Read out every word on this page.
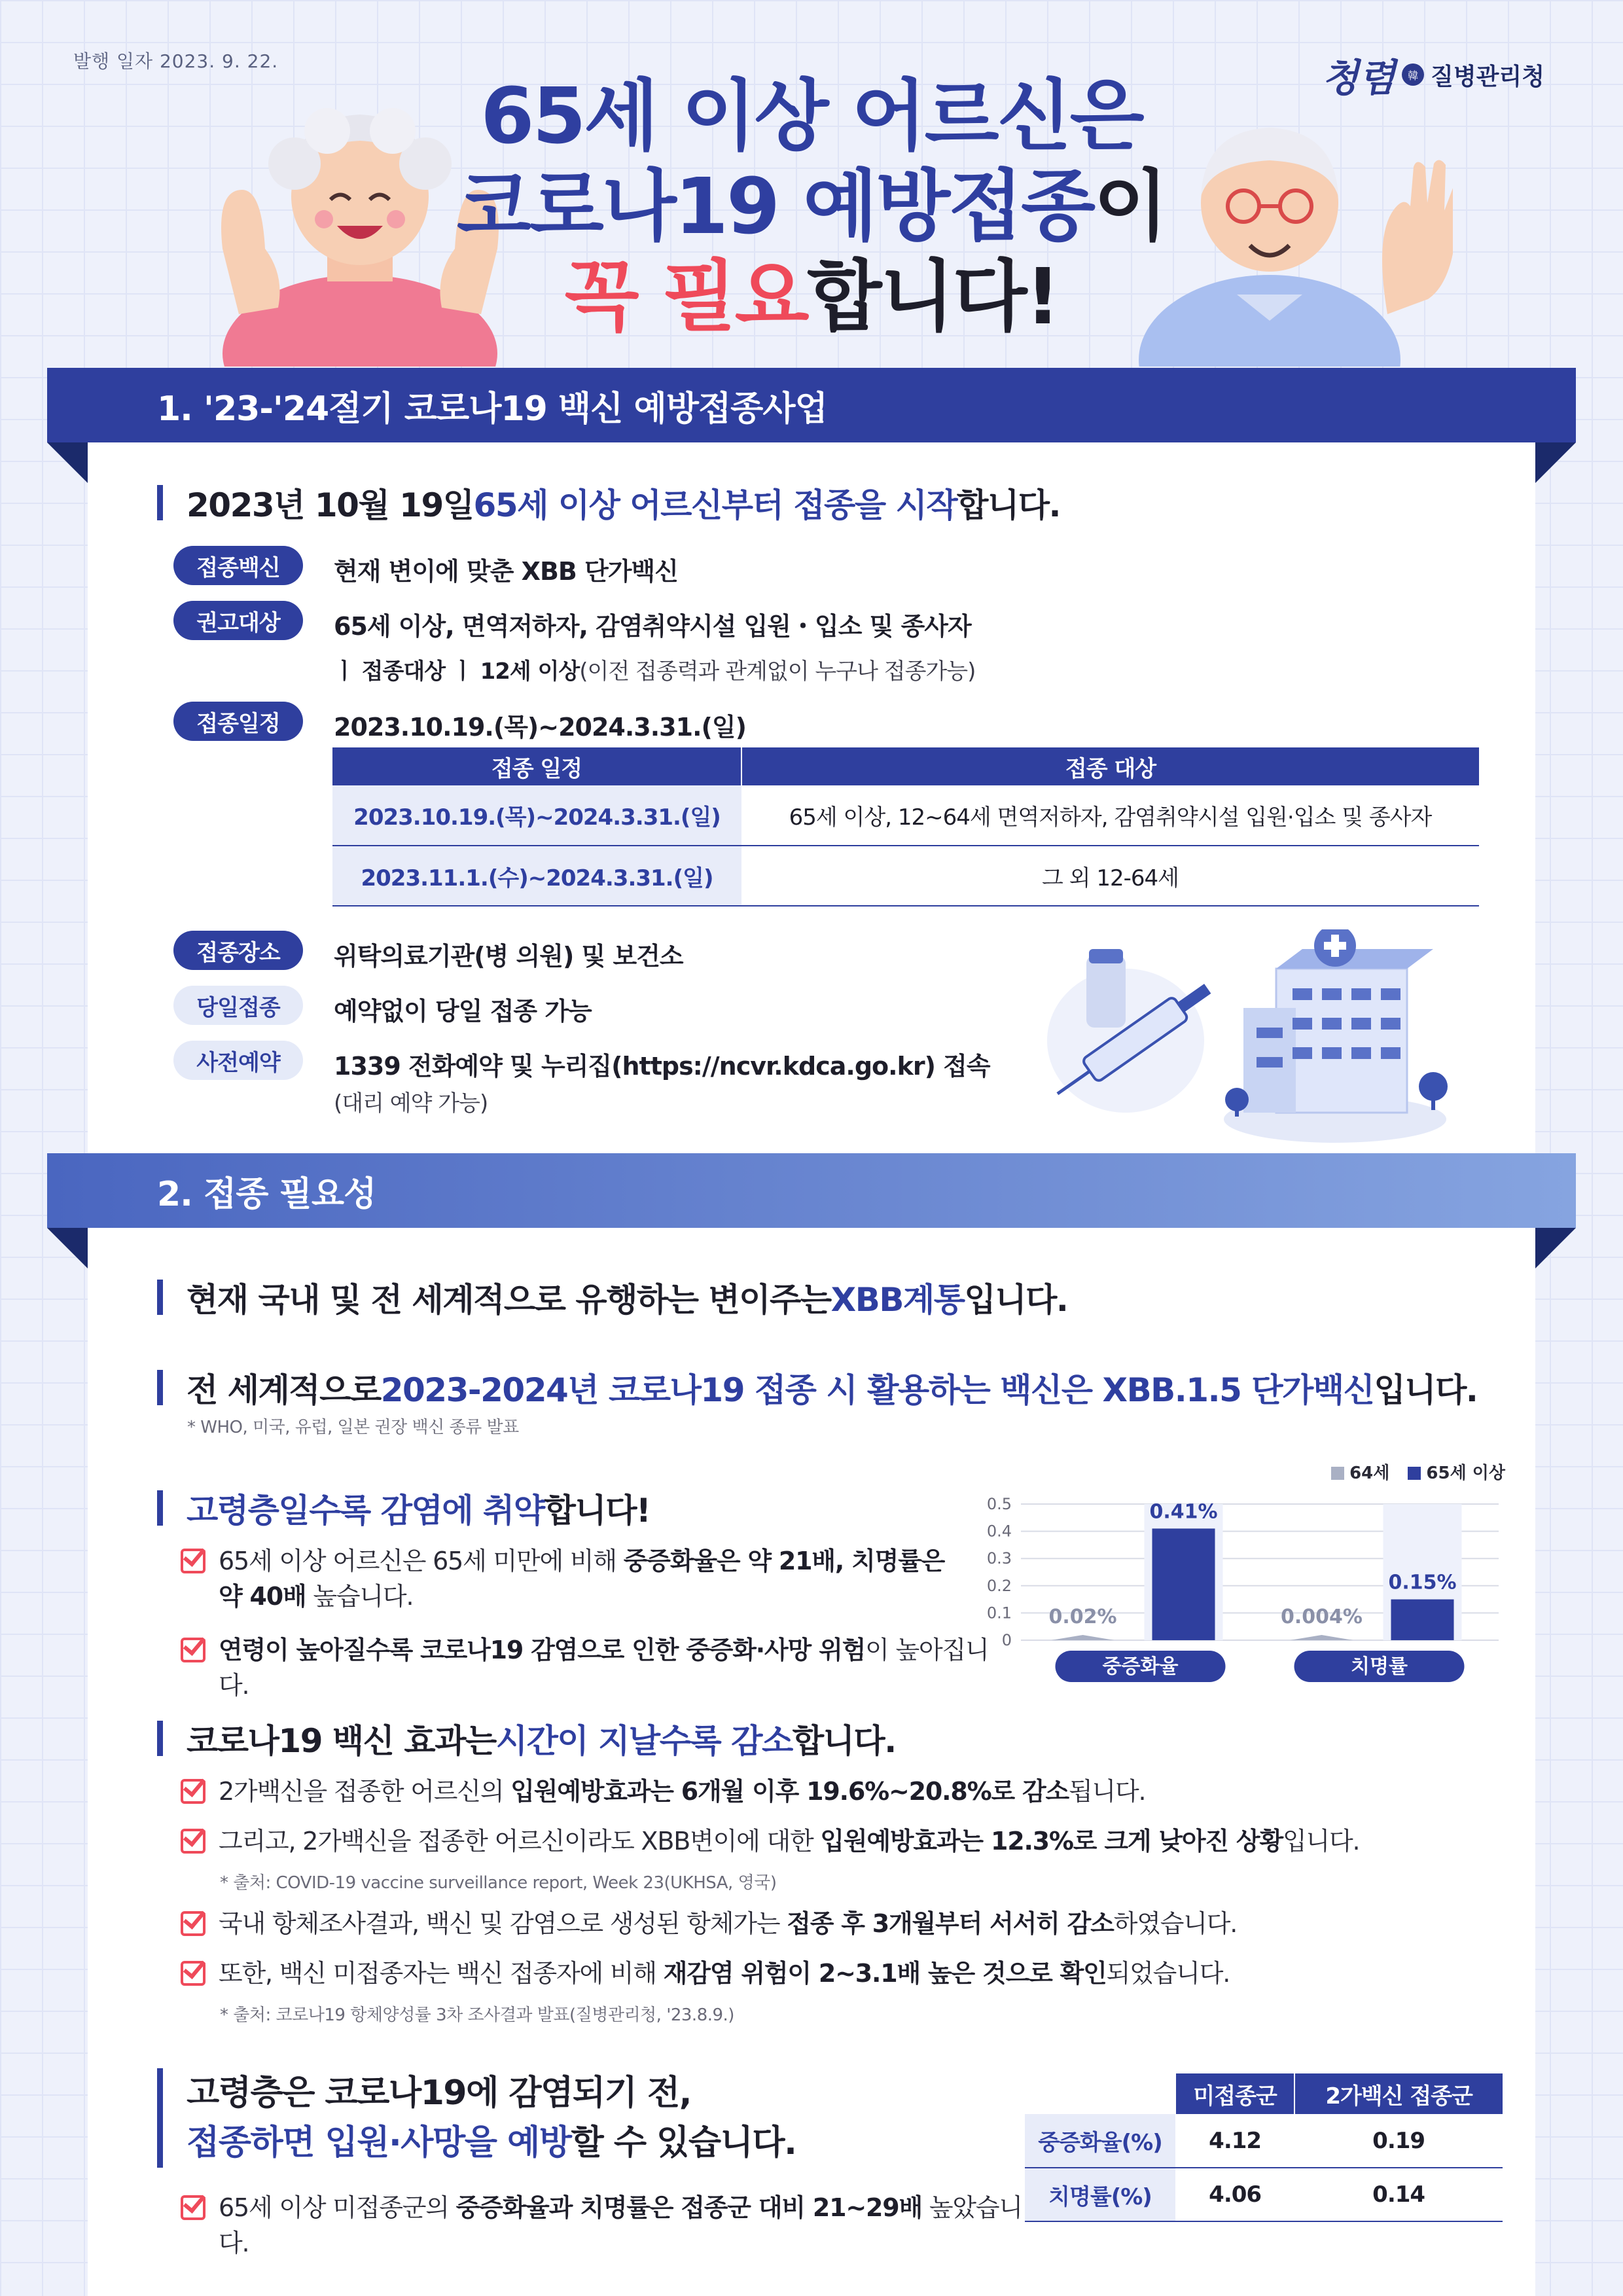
발행 일자 2023. 9. 22.	청렴	韓 질병관리청
65세 이상 어르신은
코로나19 예방접종이
꼭 필요합니다!
1. '23-'24절기 코로나19 백신 예방접종사업
2023년 10월 19일 65세 이상 어르신부터 접종을 시작 합니다.
접종백신	현재 변이에 맞춘 XBB 단가백신
권고대상	65세 이상, 면역저하자, 감염취약시설 입원・입소 및 종사자
ㅣ 접종대상 ㅣ 12세 이상(이전 접종력과 관계없이 누구나 접종가능)
접종일정	2023.10.19.(목)~2024.3.31.(일)
접종 일정	접종 대상
2023.10.19.(목)~2024.3.31.(일)	65세 이상, 12~64세 면역저하자, 감염취약시설 입원·입소 및 종사자
2023.11.1.(수)~2024.3.31.(일)	그 외 12-64세
접종장소	위탁의료기관(병 의원) 및 보건소
당일접종	예약없이 당일 접종 가능
사전예약	1339 전화예약 및 누리집(https://ncvr.kdca.go.kr) 접속
(대리 예약 가능)
2. 접종 필요성
현재 국내 및 전 세계적으로 유행하는 변이주는 XBB계통 입니다.
전 세계적으로 2023-2024년 코로나19 접종 시 활용하는 백신은 XBB.1.5 단가백신 입니다.
* WHO, 미국, 유럽, 일본 권장 백신 종류 발표
고령층일수록 감염에 취약 합니다!
65세 이상 어르신은 65세 미만에 비해 중증화율은 약 21배, 치명률은
약 40배 높습니다.
연령이 높아질수록 코로나19 감염으로 인한 중증화·사망 위험이 높아집니다.
64세	65세 이상
0.5
0.4
0.3
0.2
0.1
0
0.02%
0.41%
중증화율
0.004%
0.15%
치명률
코로나19 백신 효과는 시간이 지날수록 감소 합니다.
2가백신을 접종한 어르신의 입원예방효과는 6개월 이후 19.6%~20.8%로 감소됩니다.
그리고, 2가백신을 접종한 어르신이라도 XBB변이에 대한 입원예방효과는 12.3%로 크게 낮아진 상황입니다.
* 출처: COVID-19 vaccine surveillance report, Week 23(UKHSA, 영국)
국내 항체조사결과, 백신 및 감염으로 생성된 항체가는 접종 후 3개월부터 서서히 감소하였습니다.
또한, 백신 미접종자는 백신 접종자에 비해 재감염 위험이 2~3.1배 높은 것으로 확인되었습니다.
* 출처: 코로나19 항체양성률 3차 조사결과 발표(질병관리청, '23.8.9.)
고령층은 코로나19에 감염되기 전,
접종하면 입원·사망을 예방 할 수 있습니다.
65세 이상 미접종군의 중증화율과 치명률은 접종군 대비 21~29배 높았습니다.
	미접종군	2가백신 접종군
중증화율(%)	4.12	0.19
치명률(%)	4.06	0.14
